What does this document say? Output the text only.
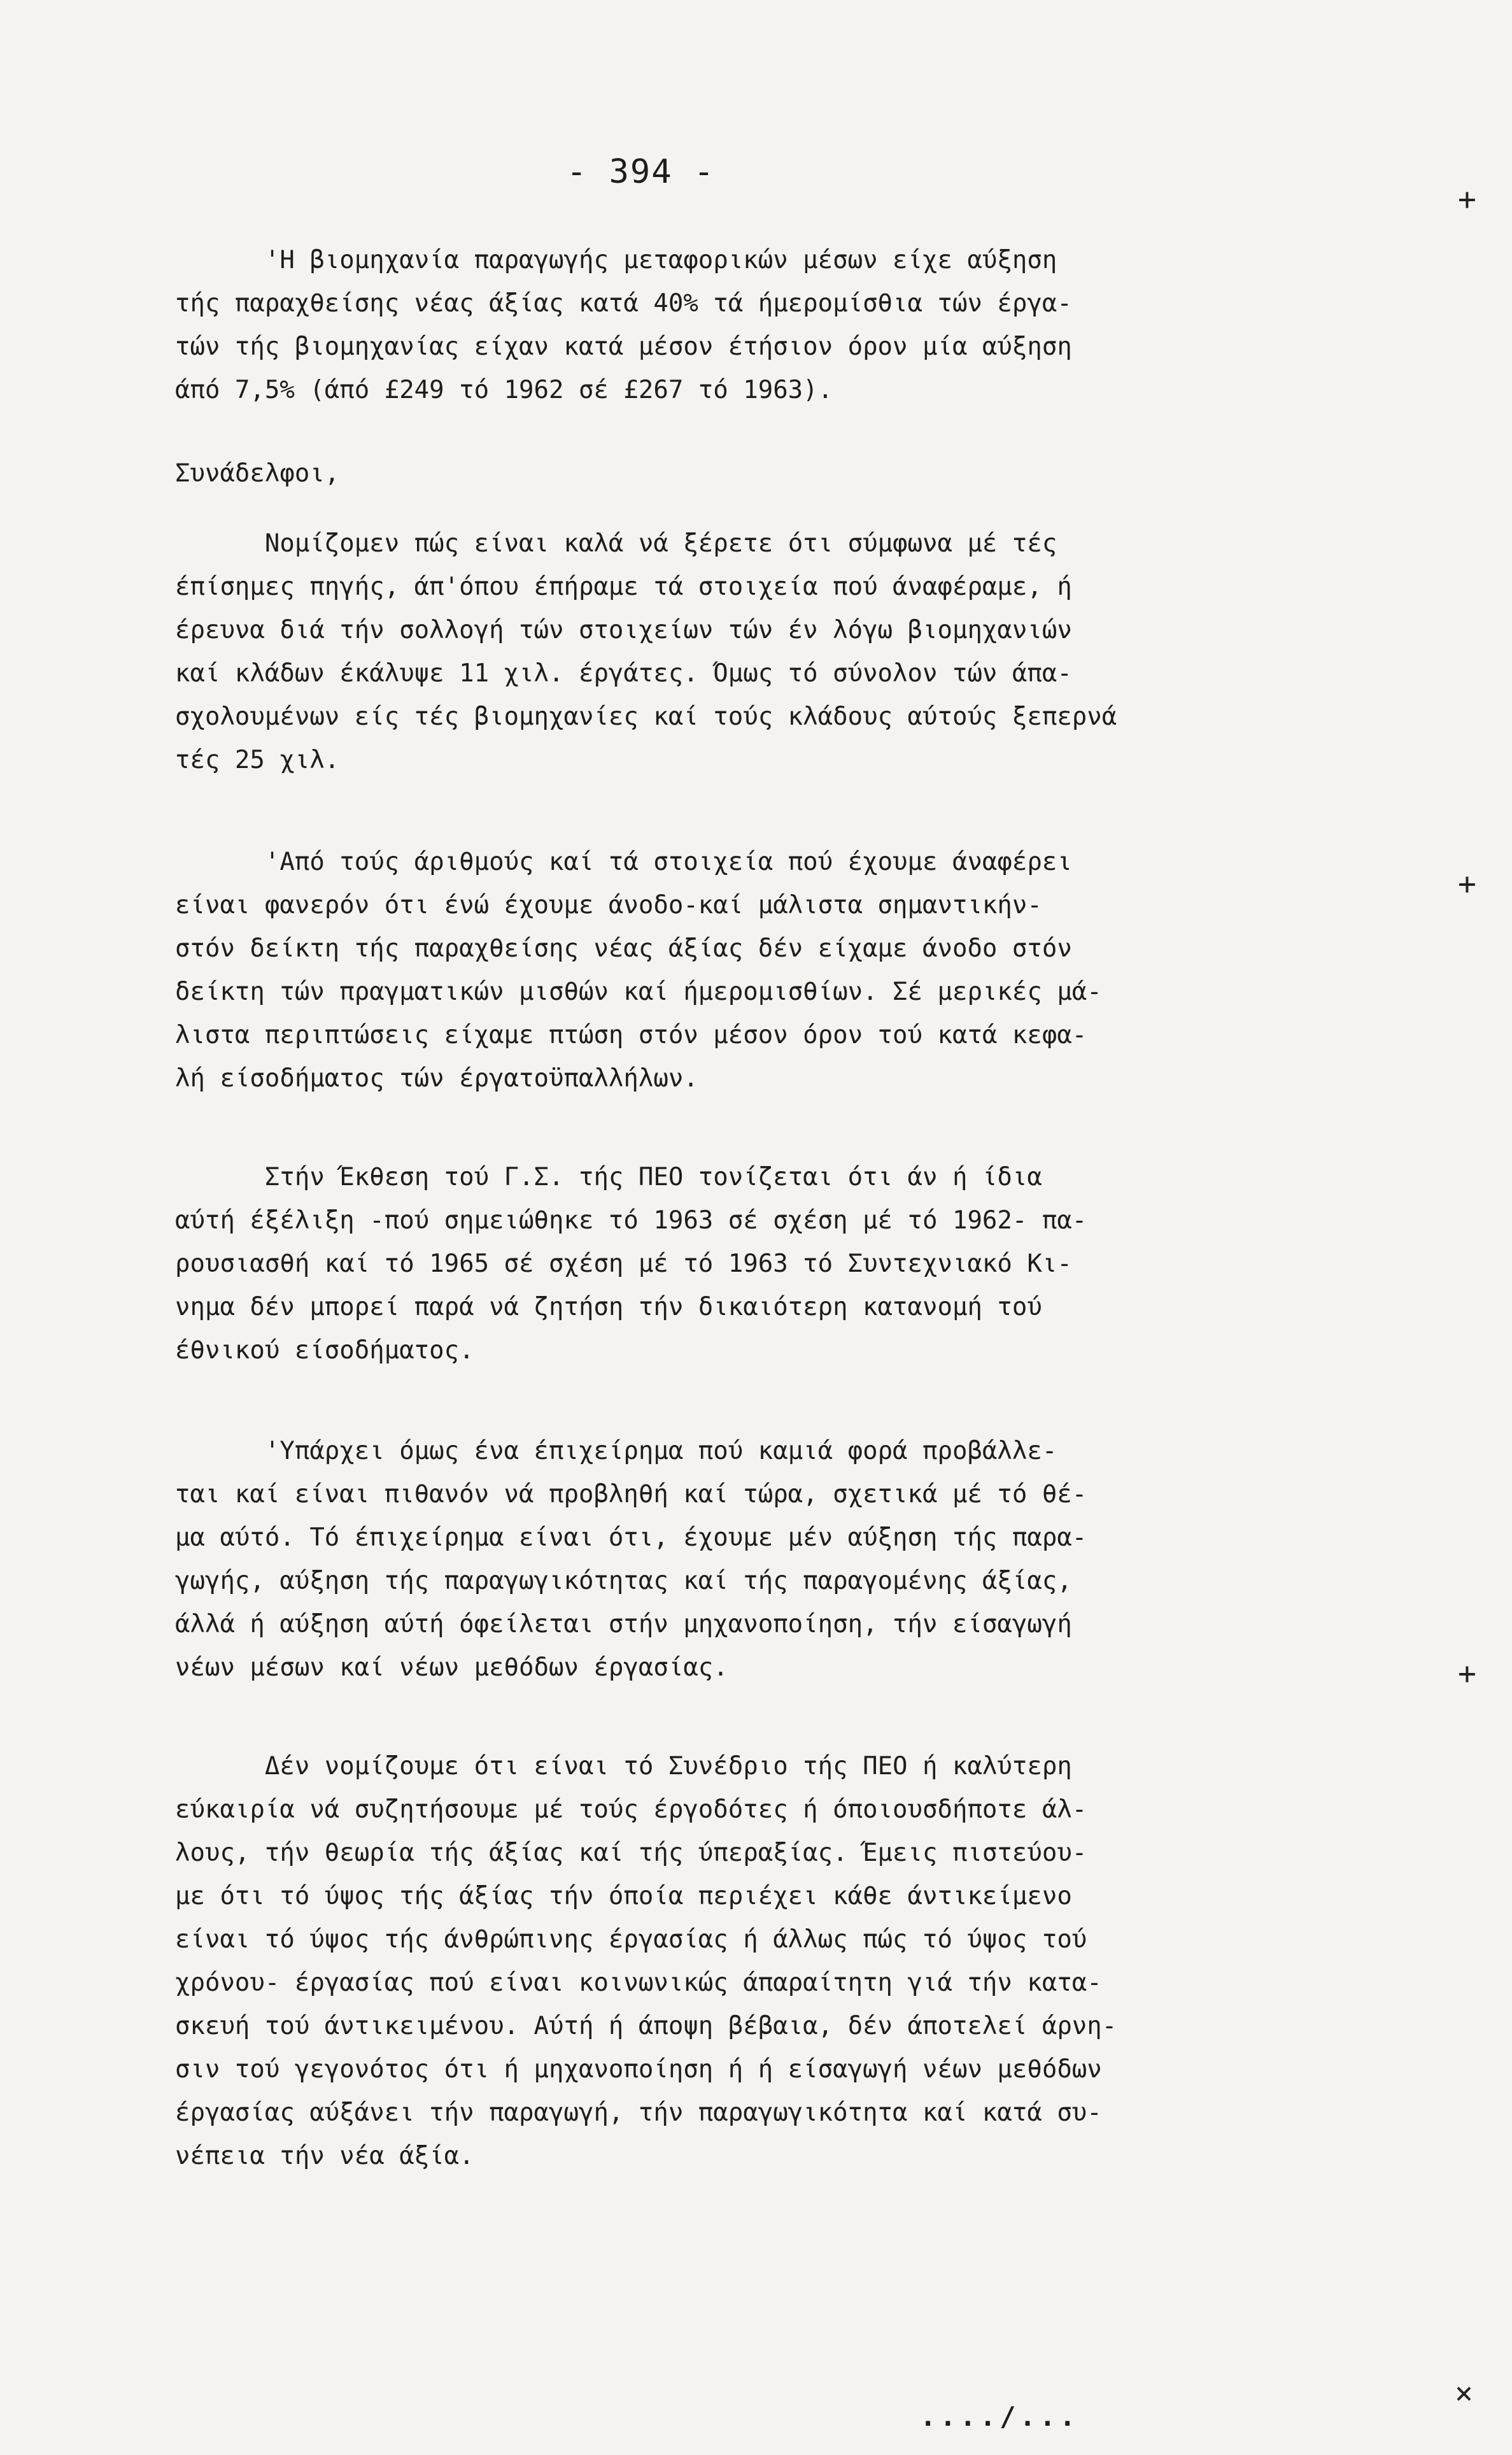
- 394 -

'Η βιομηχανία παραγωγής μεταφορικών μέσων είχε αύξηση
τής παραχθείσης νέας άξίας κατά 40% τά ήμερομίσθια τών έργα-
τών τής βιομηχανίας είχαν κατά μέσον έτήσιον όρον μία αύξηση
άπό 7,5% (άπό £249 τό 1962 σέ £267 τό 1963).

Συνάδελφοι,

Νομίζομεν πώς είναι καλά νά ξέρετε ότι σύμφωνα μέ τές
έπίσημες πηγής, άπ'όπου έπήραμε τά στοιχεία πού άναφέραμε, ή
έρευνα διά τήν σολλογή τών στοιχείων τών έν λόγω βιομηχανιών
καί κλάδων έκάλυψε 11 χιλ. έργάτες. Όμως τό σύνολον τών άπα-
σχολουμένων είς τές βιομηχανίες καί τούς κλάδους αύτούς ξεπερνά
τές 25 χιλ.

'Από τούς άριθμούς καί τά στοιχεία πού έχουμε άναφέρει
είναι φανερόν ότι ένώ έχουμε άνοδο-καί μάλιστα σημαντικήν-
στόν δείκτη τής παραχθείσης νέας άξίας δέν είχαμε άνοδο στόν
δείκτη τών πραγματικών μισθών καί ήμερομισθίων. Σέ μερικές μά-
λιστα περιπτώσεις είχαμε πτώση στόν μέσον όρον τού κατά κεφα-
λή είσοδήματος τών έργατοϋπαλλήλων.

Στήν Έκθεση τού Γ.Σ. τής ΠΕΟ τονίζεται ότι άν ή ίδια
αύτή έξέλιξη -πού σημειώθηκε τό 1963 σέ σχέση μέ τό 1962- πα-
ρουσιασθή καί τό 1965 σέ σχέση μέ τό 1963 τό Συντεχνιακό Κι-
νημα δέν μπορεί παρά νά ζητήση τήν δικαιότερη κατανομή τού
έθνικού είσοδήματος.

'Υπάρχει όμως ένα έπιχείρημα πού καμιά φορά προβάλλε-
ται καί είναι πιθανόν νά προβληθή καί τώρα, σχετικά μέ τό θέ-
μα αύτό. Τό έπιχείρημα είναι ότι, έχουμε μέν αύξηση τής παρα-
γωγής, αύξηση τής παραγωγικότητας καί τής παραγομένης άξίας,
άλλά ή αύξηση αύτή όφείλεται στήν μηχανοποίηση, τήν είσαγωγή
νέων μέσων καί νέων μεθόδων έργασίας.

Δέν νομίζουμε ότι είναι τό Συνέδριο τής ΠΕΟ ή καλύτερη
εύκαιρία νά συζητήσουμε μέ τούς έργοδότες ή όποιουσδήποτε άλ-
λους, τήν θεωρία τής άξίας καί τής ύπεραξίας. Έμεις πιστεύου-
με ότι τό ύψος τής άξίας τήν όποία περιέχει κάθε άντικείμενο
είναι τό ύψος τής άνθρώπινης έργασίας ή άλλως πώς τό ύψος τού
χρόνου- έργασίας πού είναι κοινωνικώς άπαραίτητη γιά τήν κατα-
σκευή τού άντικειμένου. Αύτή ή άποψη βέβαια, δέν άποτελεί άρνη-
σιν τού γεγονότος ότι ή μηχανοποίηση ή ή είσαγωγή νέων μεθόδων
έργασίας αύξάνει τήν παραγωγή, τήν παραγωγικότητα καί κατά συ-
νέπεια τήν νέα άξία.

..../...
+
+
+
×
